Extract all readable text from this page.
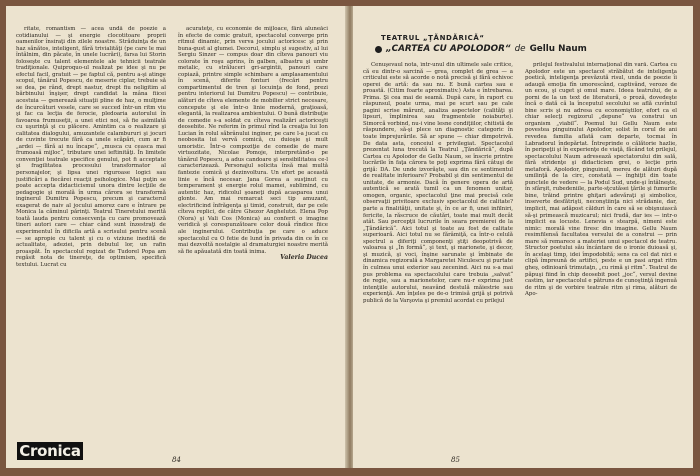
ritate, romantism — acea undă de poezie a cotidianului — şi energie clocotitoare proprii oamenilor însiraţi din zilele noastre. Străduinţa de un haz sănătos, inteligent, fără trivialităţi (pe care le mai întâlnim, din păcate, în unele lucrări), farsa lui Storin foloseşte cu talent elementele ale tehnicii teatrale tradiţionale. Quiproquo-ul realizat pe idee şi nu pe efectul facil, gratuit — pe faptul că, pentru a-şi atinge scopul, tânărul Popescu, de meserie ciplar, trebuie să se dea, pe rând, drept nastur, drept fiu neligitim al bărbinului înşişer, drept candidat la mâna fiicei acestuia — generează situaţii pline de haz, o mulţime de încurcături vesele, care se succed într-un ritm viu şi fac ca lecţia de ferocie, pledoaria autorului în favoarea frumuseţii, a unei etici noi, să fie asimilată cu uşurinţă şi cu plăcere. Amintim ca o realizare şi calitatea dialogului, amuzantele calambururi şi jocuri de cuvinte trecute fără ca unele scăpări, cum ar fi „ardei — fără ai nu încape“, „musca cu ceasca mai frumoasă mijloc“, tributare unei ieftinităţi. În limitele convenţiei teatrale specifice genului, pot fi acceptate şi fragilitatea procesului transformator al personajelor, şi lipsa unei riguroase logici sau justificări a fiecărei reacţii psihologice. Mai puţin se poate accepta didacticismul unora dintre lecţiile de pedagogie şi morală în urma cărora se transformă inginerul Dumitru Popescu, precum şi caracterul exagerat de naiv al jocului amorez care e întrare pe Monica la căminul părinţi. Teatrul Tineretului merită toată lauda pentru consecvenţa cu care promovează tineri autori care — chiar când sunt înzestraţi de experimentul în dificila artă a scrisului pentru scenă — se apropie cu talent şi cu o viziune inedită de actualitate, adeziei, prin debutul lor, un rafin proaspăt. În spectacolul regizat de Tudorel Popa am regăsit nota de tinereţe, de optimism, specifică textului. Lucrat cu

acurateţe, cu economie de mijloace, fără aluneăci în efecte de comic gratuit, spectacolul converge prin ritmul dinamic, prin verva jocului actoricesc şi prin buna-gust al glumei. Decorul, simplu şi sugestiv, al lui Sergiu Sinzer — compus doar din cîteva panouri viu colorate în roşu aprins, în galben, albastru şi umbr metalic, cu străluceri gri-argintii, panouri care copiază, printre simple schimbare a amplasamentului în scenă, diferite fonturi (frecări pentru compartimentul de tren şi locuinţa de fond, prezi pentru interiorul lui Dumitru Popescu) — contribuie, alături de cîteva elemente de mobilier strict necesare, concepute şi ele într-o linie modernă, graţioasă, elegantă, la realizarea ambientului. O bună distribuţie de comedie s-a soldat cu cîteva realizări actoriceşti deosebite. Ne referim în primul rînd la creaţia lui Ion Lucian în rolul săbrânului inginer, pe care l-a jucat cu neobosita lui vervă comică, cu duioşie şi mult umoristic. Într-o compoziţie de comedie de mare virtuozitate, Nicolae Pomoje, interpretând-o pe tânărul Popescu, a adus candoare şi sensibilitatea ce-l caracterizează. Personajul solicita însă mai multă fantezie comică şi dezinvoltura. Un efort pe această linie e încă necesar. Jana Gorea a susţinut cu temperament şi energie rolul mamei, sublimind, cu autentic haz, ridicolul şoaneţi după acasparea unui glonte. Am mai remarcat seci tip amuzant, electrificind înfrăgenţa şi timid, construit, dar pe cele cîteva replici, de către Ghezor Anghelutzi. Elena Pop (Nora) şi Vali Cos (Monica) au conferit o imagine veridică şi corespunzătoare celor două rîndice fiice ale inginerului. Contribuţia pe care o aduce spectacolul cu O fetie de lund în privada din ce în ce mai dezvoltă nostalgie al dramaturgiei noastre merită să fie apăuatată din toată inima.

Valeria Ducea

Cronica	84
TEATRUL „ŢĂNDĂRICĂ“
„CARTEA CU APOLODOR“ de Gellu Naum

Cenuşevaul nota, într-unul din ultimele sale critice, că eu dintr-o sarcină — grea, complet de grea — a criticului este să acorde o notă precisă şi fără echivoc operei de artă: da sau nu. E bună cartea sau e proastă. (Citim foarte aproximativ.) Asta e întrebarea. Prima. Şi cea mai de seamă. După care, în raport cu răspunsul, poate urma, mai pe scurt sau pe cale pagini scrise mărunt, analiza aspectelor (calităţi şi lipsuri, împlinirea sau fragmentele noiaburte). Simorcă vorbind, nu-i vine lesne condiţiilor, chitistă de răspundere, să-şi plece un diagnostic categoric în toate împrejurările. Să ar spune — chiar dimpotrivă. De data asta, conceiul e privilegiat. Spectacolul prezentat luna trecută la Teatrul „Ţăndărică“, după Cartea cu Apolodor de Gellu Naum, se înscrie printre lucrările în faţa cărora te poţi exprima fără câtuşi de grijă: DA. De unde izvorăşte, sau din ce sentimentul de realitate inferioare? Probabil şi din sentimentul de unitate, de armonie. Dacă în genere opera de artă autentică se arată tumil ca un fenomen unitar, omogen, organic, spectacolul ţine mai precisă cele observaţii privitoare exclusiv spectacolul de calitate? parte a finalităţii, unitate şi, în ce ar fi, unei infilniri, fericite, la răscruce de căutări, toate mai mult decât atât. Sau percepţii lucrurile în seara premierei de la „Ţăndărică“. Aici totul şi toate au fost de calitate superioară. Aici totul nu se fărâmiţă, ca într-o celulă spectrul a diferiţi componenţi ştiţi deopotrivă de valoarea şi „În formă“, şi text, şi marionete, şi decor, şi muzică, şi voci, înşine sarunate şi îmbinate de dinamica regizorală a Margaretei Niculescu şi purtate în culmea unui exterior sau zecenind. Aici nu s-a mai pus problema ea spectacolului care trebuia „salvat“ de regie, sau a marionetelor, care nu-r exprima just intenţiile autorului, neavând destulă măiestrie sau experienţă. Am înţeles pe de-o trimisă grijă şi potrivă publică de la Varşovia şi premiul acordat cu prilejul

prilejul festivalului internaţional din vară. Cartea cu Apolodor este un spectacol străbătut de inteligenţa poetică, inteligenţa prevăzută risul, unda de poezie îi adaugă emoţia fîn umorescând, captivând, veroze de un ecou, şi cuget şi omul mare. Ideea teatrului, de a porni de la un text de literatură, o proză, dovedeşte încă o dată că la începutul secolului se află cuvîntul bine scris şi nu adresa cu economiştilor, efort ca el chiar selecţi regizorul „depune“ va construi un organism „viabil“. Poemul lui Gellu Naum este povestea pinguinului Apolodor, solist în corul de ani revedea familia aflată cam departe, tocmai în Labradorul îndepărtat. Întreprinde o călătorie hazlie, în peripeţii şi în experienţe de viaţă, făcând tot prilejul, spectacolului Naum adresează spectatorului din sală, fără stridenţe şi didacticism grei, o lecţie prin metaforă. Apolodor, pinguinul, mereu de alături după umilinţă de la circ, constată — înghiţit din toate punctele de vedere — la Podul Sud, unde-şi întâlneşte, în sfârşit, rubedeniile, parte-sţcutăsei ţările şi fumurile bine, trăind printre ghiţari adevăraţi şi simbolice, inseverte desfătrişti, neconştiinţa nici strădanie, dar, implicit, mai adăpost călduri în care să se obişnuiască să-şi primească muzicarul; nici frudă, dar ies — intr-o implicit ea locuste. Lenevia e stearpă, nimeni este nimic: morală vine firesc din imagine. Gellu Naum resimfilensă facultatea versului de a construi — prin mare să remarece a materiei unui spectacol de teatru. Structor poetului său încântare de o ironie duioasă şi, în acelaşi timp, idei împodobită; sens ca cel dat nici e clipă împreună de artifici, peste e un pasi argat ritm gheş, odinioară trimutaţn, „cu rimă şi ritm“. Teatrul de păpuşi fiind în chip deosebit poet „joc“, versul devine castim, iar spectacolul e pătruns de cunoştinţă ingenuă de ritm şi de vorbire teatrale ritm şi rima, alături de Apo-

85
